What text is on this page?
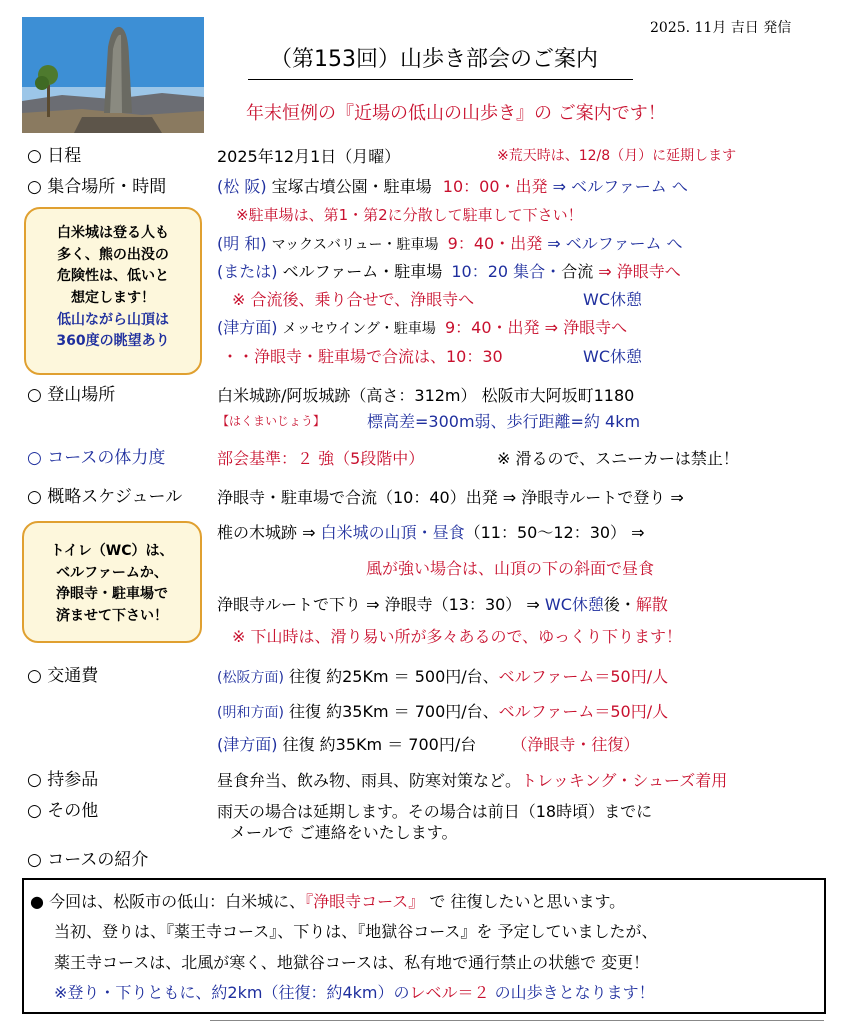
2025. 11月 吉日 発信
（第153回）山歩き部会のご案内
年末恒例の『近場の低山の山歩き』の ご案内です！
○ 日程	2025年12月1日（月曜）	※荒天時は、12/8（月）に延期します
○ 集合場所・時間	(松 阪) 宝塚古墳公園・駐車場 10：00・出発 ⇒ ベルファーム へ
※駐車場は、第1・第2に分散して駐車して下さい！
(明 和) マックスバリュー・駐車場 9：40・出発 ⇒ ベルファーム へ
(または) ベルファーム・駐車場 10：20 集合・合流 ⇒ 浄眼寺へ
※ 合流後、乗り合せで、浄眼寺へ	WC休憩
(津方面) メッセウイング・駐車場 9：40・出発 ⇒ 浄眼寺へ
・・浄眼寺・駐車場で合流は、10：30	WC休憩
白米城は登る人も
多く、熊の出没の
危険性は、低いと
想定します！
低山ながら山頂は
360度の眺望あり
○ 登山場所	白米城跡/阿坂城跡（高さ：312m） 松阪市大阿坂町1180
【はくまいじょう】	標高差=300m弱、歩行距離=約 4km
○ コースの体力度	部会基準：２ 強（5段階中）	※ 滑るので、スニーカーは禁止！
○ 概略スケジュール 浄眼寺・駐車場で合流（10：40）出発 ⇒ 浄眼寺ルートで登り ⇒
椎の木城跡 ⇒ 白米城の山頂・昼食（11：50～12：30） ⇒
風が強い場合は、山頂の下の斜面で昼食
浄眼寺ルートで下り ⇒ 浄眼寺（13：30） ⇒ WC休憩後・解散
※ 下山時は、滑り易い所が多々あるので、ゆっくり下ります！
トイレ（WC）は、
ベルファームか、
浄眼寺・駐車場で
済ませて下さい！
○ 交通費	(松阪方面) 往復 約25Km ＝ 500円/台、ベルファーム＝50円/人
(明和方面) 往復 約35Km ＝ 700円/台、ベルファーム＝50円/人
(津方面) 往復 約35Km ＝ 700円/台 （浄眼寺・往復）
○ 持参品	昼食弁当、飲み物、雨具、防寒対策など。トレッキング・シューズ着用
○ その他	雨天の場合は延期します。その場合は前日（18時頃）までに
メールで ご連絡をいたします。
○ コースの紹介
● 今回は、松阪市の低山：白米城に、『浄眼寺コース』 で 往復したいと思います。
当初、登りは、『薬王寺コース』、下りは、『地獄谷コース』を 予定していましたが、
薬王寺コースは、北風が寒く、地獄谷コースは、私有地で通行禁止の状態で 変更！
※登り・下りともに、約2km（往復：約4km）のレベル＝２ の山歩きとなります！
